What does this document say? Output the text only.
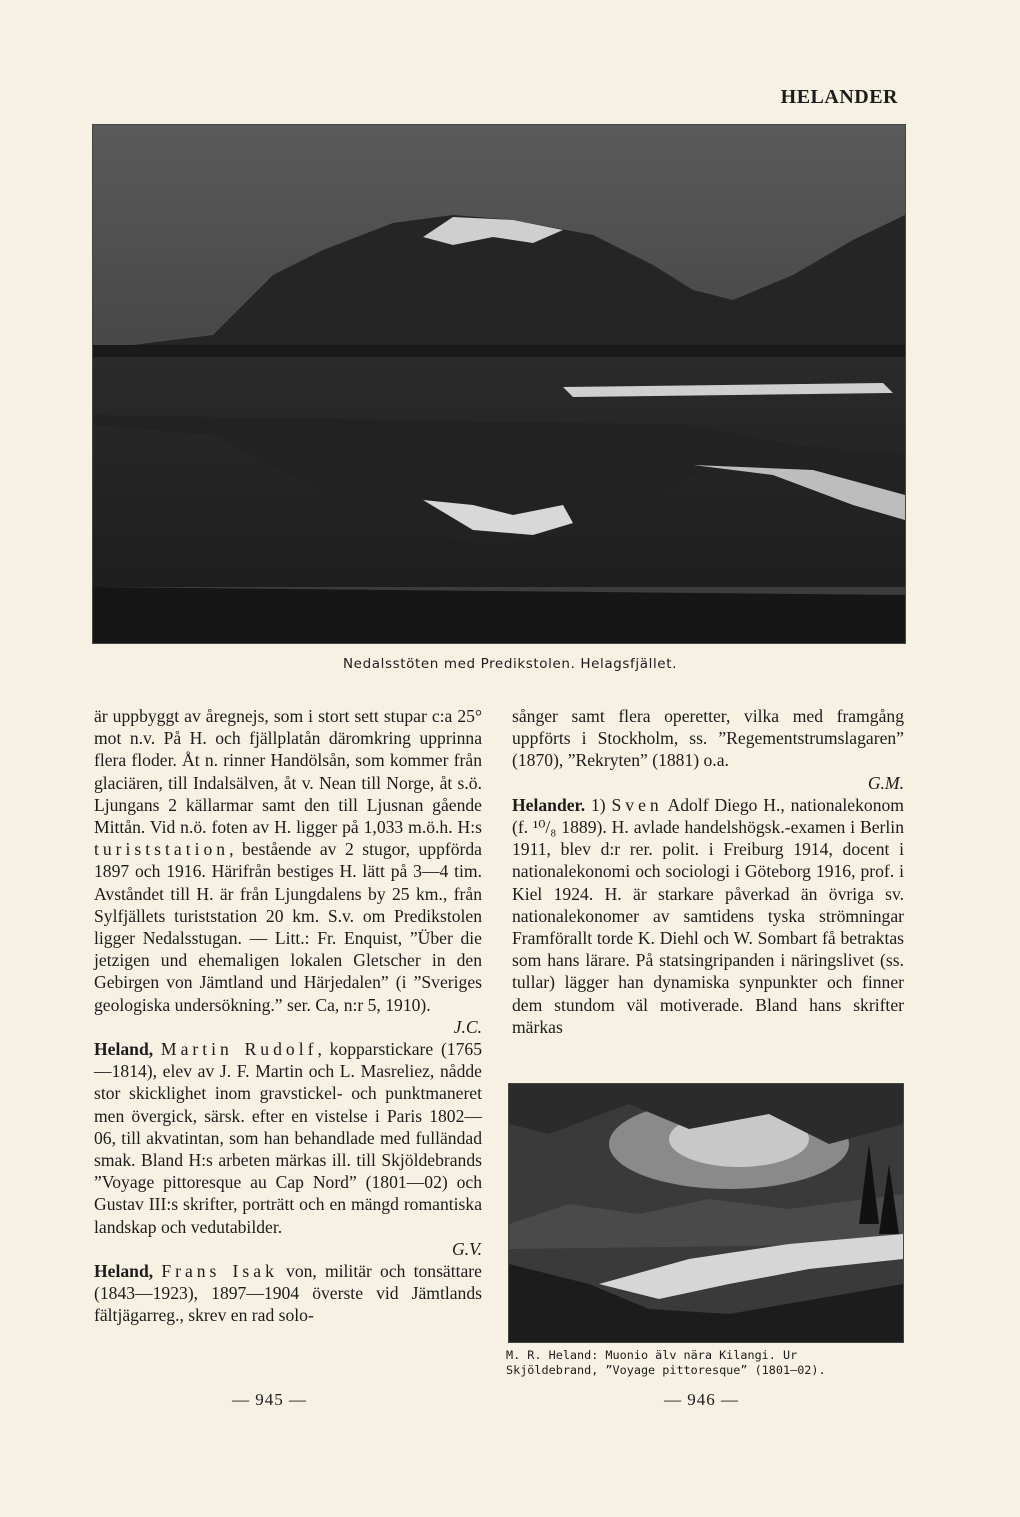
HELANDER
Nedalsstöten med Predikstolen. Helagsfjället.

är uppbyggt av åregnejs, som i stort sett stupar c:a 25° mot n.v. På H. och fjällplatån däromkring upprinna flera floder. Åt n. rinner Handölsån, som kommer från glaciären, till Indalsälven, åt v. Nean till Norge, åt s.ö. Ljungans 2 källarmar samt den till Ljusnan gående Mittån. Vid n.ö. foten av H. ligger på 1,033 m.ö.h. H:s turiststation, bestående av 2 stugor, uppförda 1897 och 1916. Härifrån bestiges H. lätt på 3—4 tim. Avståndet till H. är från Ljungdalens by 25 km., från Sylfjällets turiststation 20 km. S.v. om Predikstolen ligger Nedalsstugan. — Litt.: Fr. Enquist, ”Über die jetzigen und ehemaligen lokalen Gletscher in den Gebirgen von Jämtland und Härjedalen” (i ”Sveriges geologiska undersökning.” ser. Ca, n:r 5, 1910).
J.C.

Heland, Martin Rudolf, kopparstickare (1765—1814), elev av J. F. Martin och L. Masreliez, nådde stor skicklighet inom gravstickel- och punktmaneret men övergick, särsk. efter en vistelse i Paris 1802—06, till akvatintan, som han behandlade med fulländad smak. Bland H:s arbeten märkas ill. till Skjöldebrands ”Voyage pittoresque au Cap Nord” (1801—02) och Gustav III:s skrifter, porträtt och en mängd romantiska landskap och vedutabilder.
G.V.

Heland, Frans Isak von, militär och tonsättare (1843—1923), 1897—1904 överste vid Jämtlands fältjägarreg., skrev en rad solo-

sånger samt flera operetter, vilka med framgång uppförts i Stockholm, ss. ”Regementstrumslagaren” (1870), ”Rekryten” (1881) o.a.
G.M.

Helander. 1) Sven Adolf Diego H., nationalekonom (f. ¹⁰/₈ 1889). H. avlade handelshögsk.-examen i Berlin 1911, blev d:r rer. polit. i Freiburg 1914, docent i nationalekonomi och sociologi i Göteborg 1916, prof. i Kiel 1924. H. är starkare påverkad än övriga sv. nationalekonomer av samtidens tyska strömningar Framförallt torde K. Diehl och W. Sombart få betraktas som hans lärare. På statsingripanden i näringslivet (ss. tullar) lägger han dynamiska synpunkter och finner dem stundom väl motiverade. Bland hans skrifter märkas

M. R. Heland: Muonio älv nära Kilangi. Ur
Skjöldebrand, ”Voyage pittoresque” (1801—02).
— 945 —	— 946 —
